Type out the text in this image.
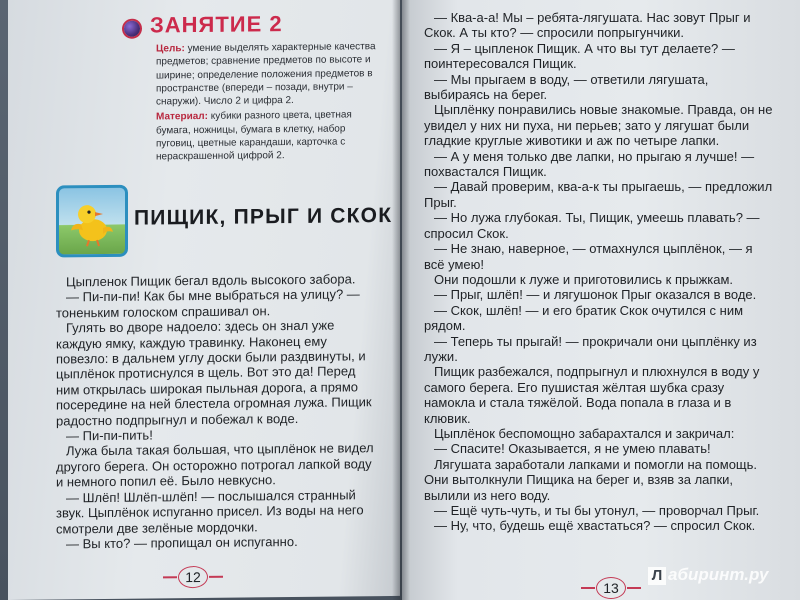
ЗАНЯТИЕ 2

Цель: умение выделять характерные качества предметов; сравнение предметов по высоте и ширине; определение положения предметов в пространстве (впереди – позади, внутри – снаружи). Число 2 и цифра 2.

Материал: кубики разного цвета, цветная бумага, ножницы, бумага в клетку, набор пуговиц, цветные карандаши, карточка с нераскрашенной цифрой 2.

ПИЩИК, ПРЫГ И СКОК

Цыпленок Пищик бегал вдоль высокого забора.

— Пи-пи-пи! Как бы мне выбраться на улицу? — тоненьким голоском спрашивал он.

Гулять во дворе надоело: здесь он знал уже каждую ямку, каждую травинку. Наконец ему повезло: в дальнем углу доски были раздвинуты, и цыплёнок протиснулся в щель. Вот это да! Перед ним открылась широкая пыльная дорога, а прямо посередине на ней блестела огромная лужа. Пищик радостно подпрыгнул и побежал к воде.

— Пи-пи-пить!

Лужа была такая большая, что цыплёнок не видел другого берега. Он осторожно потрогал лапкой воду и немного попил её. Было невкусно.

— Шлёп! Шлёп-шлёп! — послышался странный звук. Цыплёнок испуганно присел. Из воды на него смотрели две зелёные мордочки.

— Вы кто? — пропищал он испуганно.

12

— Ква-а-а! Мы – ребята-лягушата. Нас зовут Прыг и Скок. А ты кто? — спросили попрыгунчики.

— Я – цыпленок Пищик. А что вы тут делаете? — поинтересовался Пищик.

— Мы прыгаем в воду, — ответили лягушата, выбираясь на берег.

Цыплёнку понравились новые знакомые. Правда, он не увидел у них ни пуха, ни перьев; зато у лягушат были гладкие круглые животики и аж по четыре лапки.

— А у меня только две лапки, но прыгаю я лучше! — похвастался Пищик.

— Давай проверим, ква-а-к ты прыгаешь, — предложил Прыг.

— Но лужа глубокая. Ты, Пищик, умеешь плавать? — спросил Скок.

— Не знаю, наверное, — отмахнулся цыплёнок, — я всё умею!

Они подошли к луже и приготовились к прыжкам.

— Прыг, шлёп! — и лягушонок Прыг оказался в воде.

— Скок, шлёп! — и его братик Скок очутился с ним рядом.

— Теперь ты прыгай! — прокричали они цыплёнку из лужи.

Пищик разбежался, подпрыгнул и плюхнулся в воду у самого берега. Его пушистая жёлтая шубка сразу намокла и стала тяжёлой. Вода попала в глаза и в клювик.

Цыплёнок беспомощно забарахтался и закричал:

— Спасите! Оказывается, я не умею плавать!

Лягушата заработали лапками и помогли на помощь. Они вытолкнули Пищика на берег и, взяв за лапки, вылили из него воду.

— Ещё чуть-чуть, и ты бы утонул, — проворчал Прыг.

— Ну, что, будешь ещё хвастаться? — спросил Скок.

13
Л абиринт.ру
